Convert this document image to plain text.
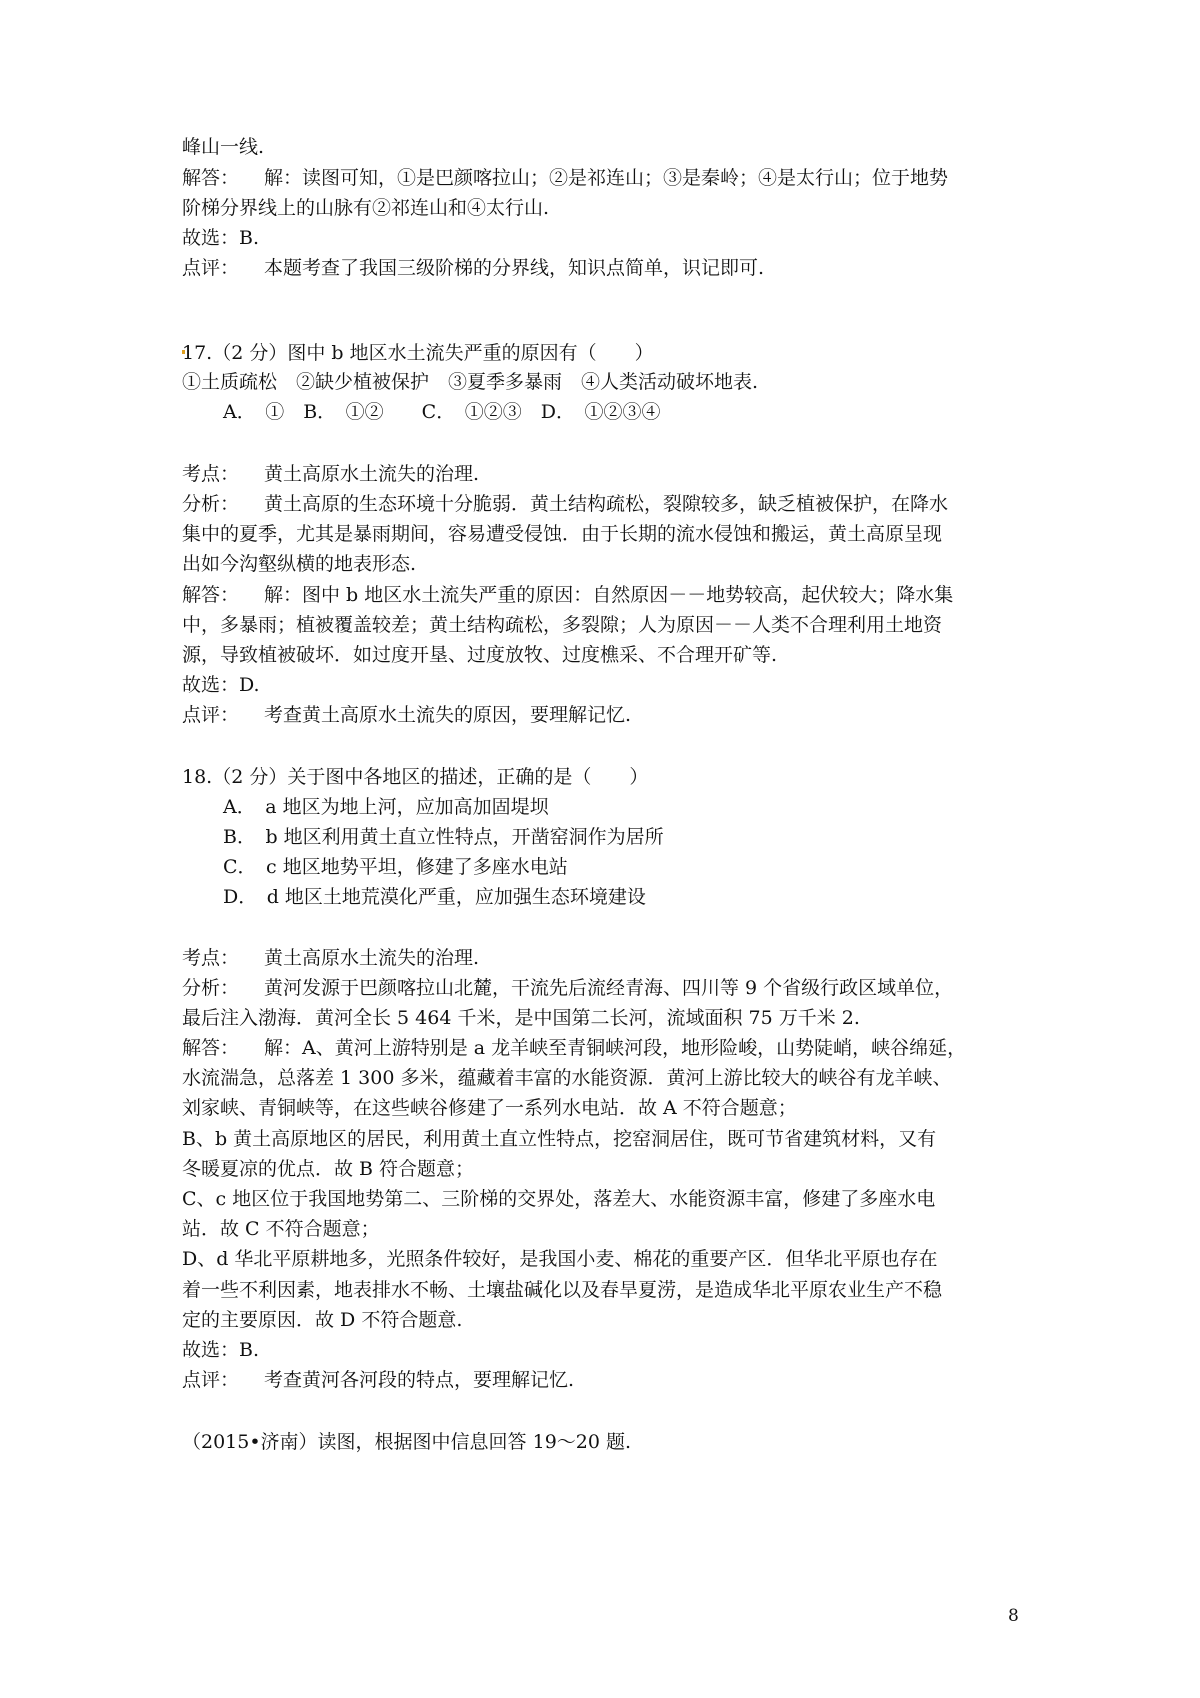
峰山一线.
解答： 解：读图可知，①是巴颜喀拉山；②是祁连山；③是秦岭；④是太行山；位于地势
阶梯分界线上的山脉有②祁连山和④太行山.
故选：B.
点评： 本题考查了我国三级阶梯的分界线，知识点简单，识记即可.
17.（2 分）图中 b 地区水土流失严重的原因有（　　）
①土质疏松　②缺少植被保护　③夏季多暴雨　④人类活动破坏地表.
A．　①　B．　①②　　C．　①②③　D．　①②③④
考点： 黄土高原水土流失的治理.
分析： 黄土高原的生态环境十分脆弱．黄土结构疏松，裂隙较多，缺乏植被保护，在降水
集中的夏季，尤其是暴雨期间，容易遭受侵蚀．由于长期的流水侵蚀和搬运，黄土高原呈现
出如今沟壑纵横的地表形态.
解答： 解：图中 b 地区水土流失严重的原因：自然原因－－地势较高，起伏较大；降水集
中，多暴雨；植被覆盖较差；黄土结构疏松，多裂隙；人为原因－－人类不合理利用土地资
源，导致植被破坏．如过度开垦、过度放牧、过度樵采、不合理开矿等.
故选：D.
点评： 考查黄土高原水土流失的原因，要理解记忆.
18.（2 分）关于图中各地区的描述，正确的是（　　）
A．　a 地区为地上河，应加高加固堤坝
B．　b 地区利用黄土直立性特点，开凿窑洞作为居所
C．　c 地区地势平坦，修建了多座水电站
D．　d 地区土地荒漠化严重，应加强生态环境建设
考点： 黄土高原水土流失的治理.
分析： 黄河发源于巴颜喀拉山北麓，干流先后流经青海、四川等 9 个省级行政区域单位，
最后注入渤海．黄河全长 5 464 千米，是中国第二长河，流域面积 75 万千米 2.
解答： 解：A、黄河上游特别是 a 龙羊峡至青铜峡河段，地形险峻，山势陡峭，峡谷绵延，
水流湍急，总落差 1 300 多米，蕴藏着丰富的水能资源．黄河上游比较大的峡谷有龙羊峡、
刘家峡、青铜峡等，在这些峡谷修建了一系列水电站．故 A 不符合题意；
B、b 黄土高原地区的居民，利用黄土直立性特点，挖窑洞居住，既可节省建筑材料，又有
冬暖夏凉的优点．故 B 符合题意；
C、c 地区位于我国地势第二、三阶梯的交界处，落差大、水能资源丰富，修建了多座水电
站．故 C 不符合题意；
D、d 华北平原耕地多，光照条件较好，是我国小麦、棉花的重要产区．但华北平原也存在
着一些不利因素，地表排水不畅、土壤盐碱化以及春旱夏涝，是造成华北平原农业生产不稳
定的主要原因．故 D 不符合题意.
故选：B.
点评： 考查黄河各河段的特点，要理解记忆.
（2015•济南）读图，根据图中信息回答 19～20 题.
8
